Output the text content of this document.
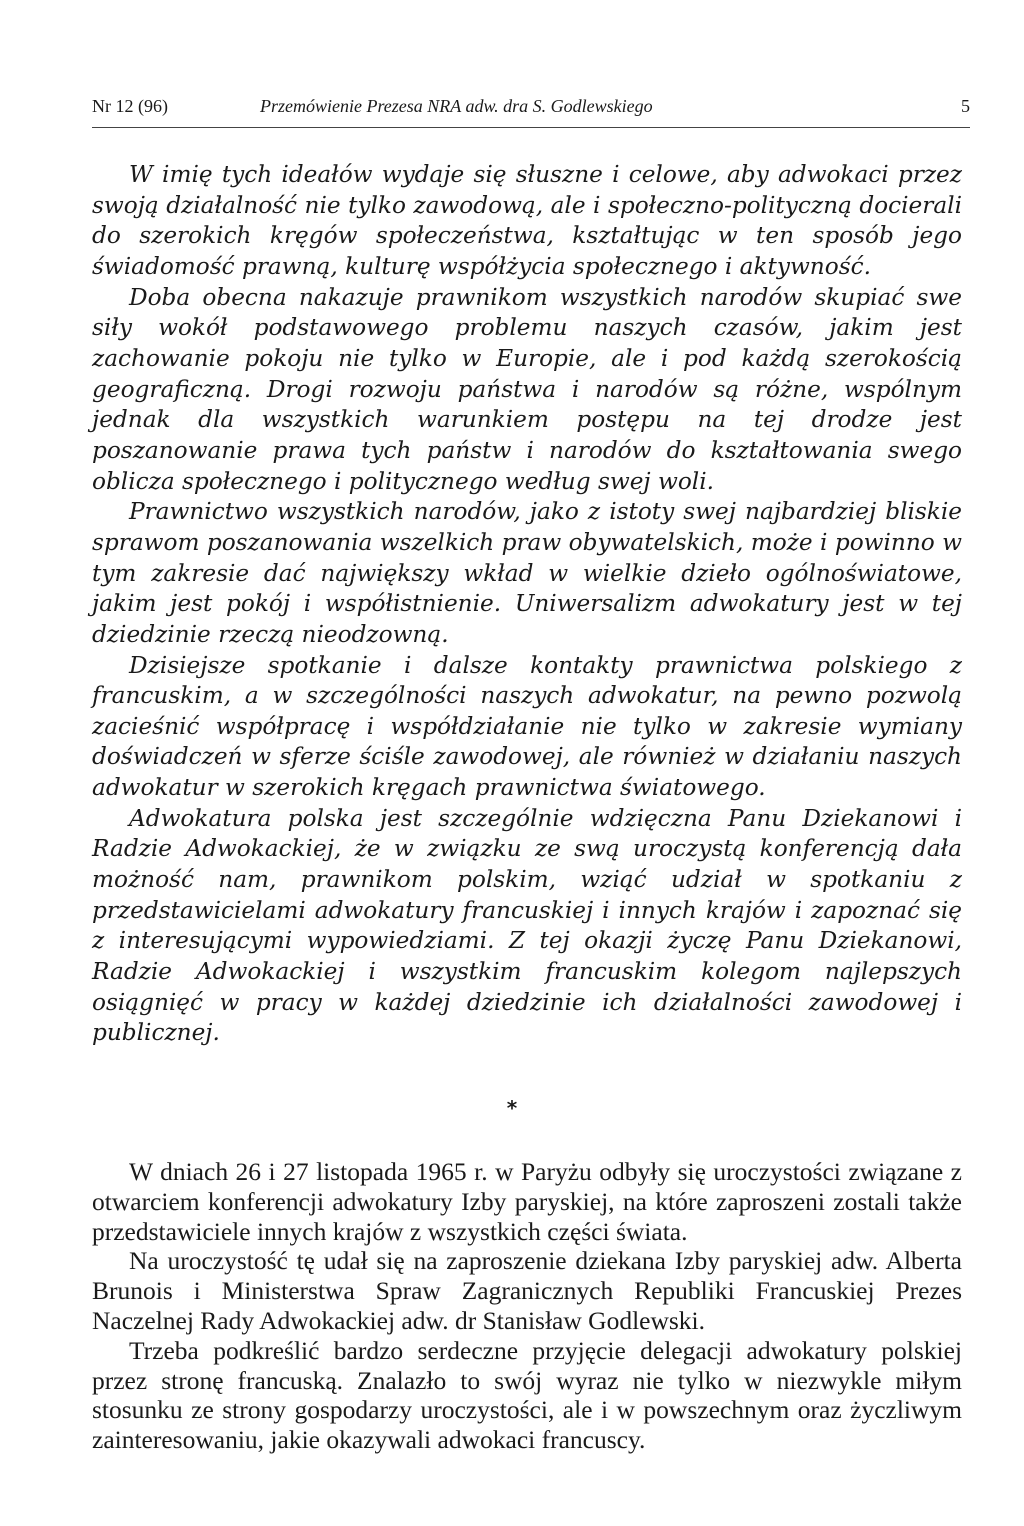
Nr 12 (96)	Przemówienie Prezesa NRA adw. dra S. Godlewskiego	5

W imię tych ideałów wydaje się słuszne i celowe, aby adwokaci przez swoją działalność nie tylko zawodową, ale i społeczno-polityczną docierali do szerokich kręgów społeczeństwa, kształtując w ten sposób jego świadomość prawną, kulturę współżycia społecznego i aktywność.

Doba obecna nakazuje prawnikom wszystkich narodów skupiać swe siły wokół podstawowego problemu naszych czasów, jakim jest zachowanie pokoju nie tylko w Europie, ale i pod każdą szerokością geograficzną. Drogi rozwoju państwa i narodów są różne, wspólnym jednak dla wszystkich warunkiem postępu na tej drodze jest poszanowanie prawa tych państw i narodów do kształtowania swego oblicza społecznego i politycznego według swej woli.

Prawnictwo wszystkich narodów, jako z istoty swej najbardziej bliskie sprawom poszanowania wszelkich praw obywatelskich, może i powinno w tym zakresie dać największy wkład w wielkie dzieło ogólnoświatowe, jakim jest pokój i współistnienie. Uniwersalizm adwokatury jest w tej dziedzinie rzeczą nieodzowną.

Dzisiejsze spotkanie i dalsze kontakty prawnictwa polskiego z francuskim, a w szczególności naszych adwokatur, na pewno pozwolą zacieśnić współpracę i współdziałanie nie tylko w zakresie wymiany doświadczeń w sferze ściśle zawodowej, ale również w działaniu naszych adwokatur w szerokich kręgach prawnictwa światowego.

Adwokatura polska jest szczególnie wdzięczna Panu Dziekanowi i Radzie Adwokackiej, że w związku ze swą uroczystą konferencją dała możność nam, prawnikom polskim, wziąć udział w spotkaniu z przedstawicielami adwokatury francuskiej i innych krajów i zapoznać się z interesującymi wypowiedziami. Z tej okazji życzę Panu Dziekanowi, Radzie Adwokackiej i wszystkim francuskim kolegom najlepszych osiągnięć w pracy w każdej dziedzinie ich działalności zawodowej i publicznej.

*

W dniach 26 i 27 listopada 1965 r. w Paryżu odbyły się uroczystości związane z otwarciem konferencji adwokatury Izby paryskiej, na które zaproszeni zostali także przedstawiciele innych krajów z wszystkich części świata.

Na uroczystość tę udał się na zaproszenie dziekana Izby paryskiej adw. Alberta Brunois i Ministerstwa Spraw Zagranicznych Republiki Francuskiej Prezes Naczelnej Rady Adwokackiej adw. dr Stanisław Godlewski.

Trzeba podkreślić bardzo serdeczne przyjęcie delegacji adwokatury polskiej przez stronę francuską. Znalazło to swój wyraz nie tylko w niezwykle miłym stosunku ze strony gospodarzy uroczystości, ale i w powszechnym oraz życzliwym zainteresowaniu, jakie okazywali adwokaci francuscy.
